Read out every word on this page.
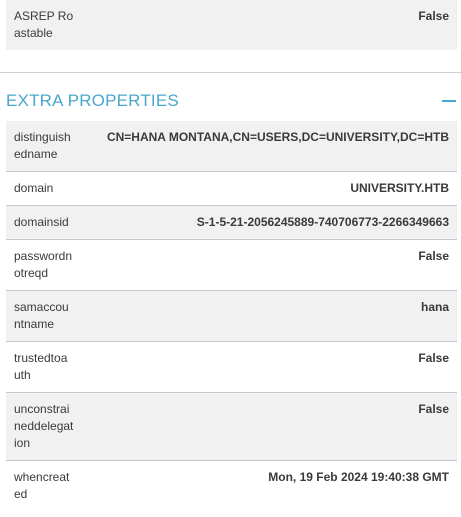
ASREP Roastable
False
EXTRA PROPERTIES
distinguishedname
CN=HANA MONTANA,CN=USERS,DC=UNIVERSITY,DC=HTB
domain	UNIVERSITY.HTB
domainsid	S-1-5-21-2056245889-740706773-2266349663
passwordnotreqd
False
samaccountname
hana
trustedtoauth
False
unconstraineddelegation
False
whencreated
Mon, 19 Feb 2024 19:40:38 GMT
